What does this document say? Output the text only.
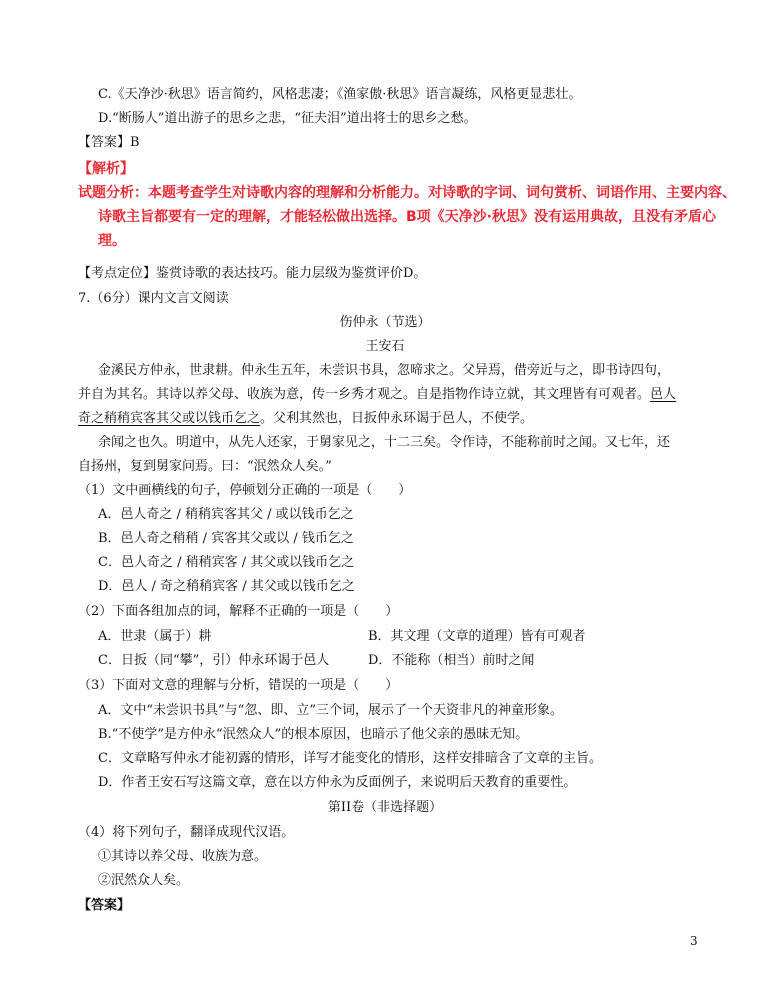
C.《天净沙·秋思》语言简约，风格悲凄；《渔家傲·秋思》语言凝练，风格更显悲壮。
D.“断肠人”道出游子的思乡之悲，“征夫泪”道出将士的思乡之愁。
【答案】B
【解析】
试题分析：本题考查学生对诗歌内容的理解和分析能力。对诗歌的字词、词句赏析、词语作用、主要内容、
诗歌主旨都要有一定的理解，才能轻松做出选择。B项《天净沙·秋思》没有运用典故，且没有矛盾心
理。
【考点定位】鉴赏诗歌的表达技巧。能力层级为鉴赏评价D。
7.（6分）课内文言文阅读
伤仲永（节选）
王安石
金溪民方仲永，世隶耕。仲永生五年，未尝识书具，忽啼求之。父异焉，借旁近与之，即书诗四句，
并自为其名。其诗以养父母、收族为意，传一乡秀才观之。自是指物作诗立就，其文理皆有可观者。邑人
奇之稍稍宾客其父或以钱币乞之。父利其然也，日扳仲永环谒于邑人，不使学。
余闻之也久。明道中，从先人还家，于舅家见之，十二三矣。令作诗，不能称前时之闻。又七年，还
自扬州，复到舅家问焉。曰：“泯然众人矣。”
（1）文中画横线的句子，停顿划分正确的一项是（　　）
A．邑人奇之 / 稍稍宾客其父 / 或以钱币乞之
B．邑人奇之稍稍 / 宾客其父或以 / 钱币乞之
C．邑人奇之 / 稍稍宾客 / 其父或以钱币乞之
D．邑人 / 奇之稍稍宾客 / 其父或以钱币乞之
（2）下面各组加点的词，解释不正确的一项是（　　）
A．世隶（属于）耕	B．其文理（文章的道理）皆有可观者
C．日扳（同“攀”，引）仲永环谒于邑人	D．不能称（相当）前时之闻
（3）下面对文意的理解与分析，错误的一项是（　　）
A．文中“未尝识书具”与“忽、即、立”三个词，展示了一个天资非凡的神童形象。
B.“不使学”是方仲永“泯然众人”的根本原因，也暗示了他父亲的愚昧无知。
C．文章略写仲永才能初露的情形，详写才能变化的情形，这样安排暗含了文章的主旨。
D．作者王安石写这篇文章，意在以方仲永为反面例子，来说明后天教育的重要性。
第II卷（非选择题）
（4）将下列句子，翻译成现代汉语。
①其诗以养父母、收族为意。
②泯然众人矣。
【答案】
3
